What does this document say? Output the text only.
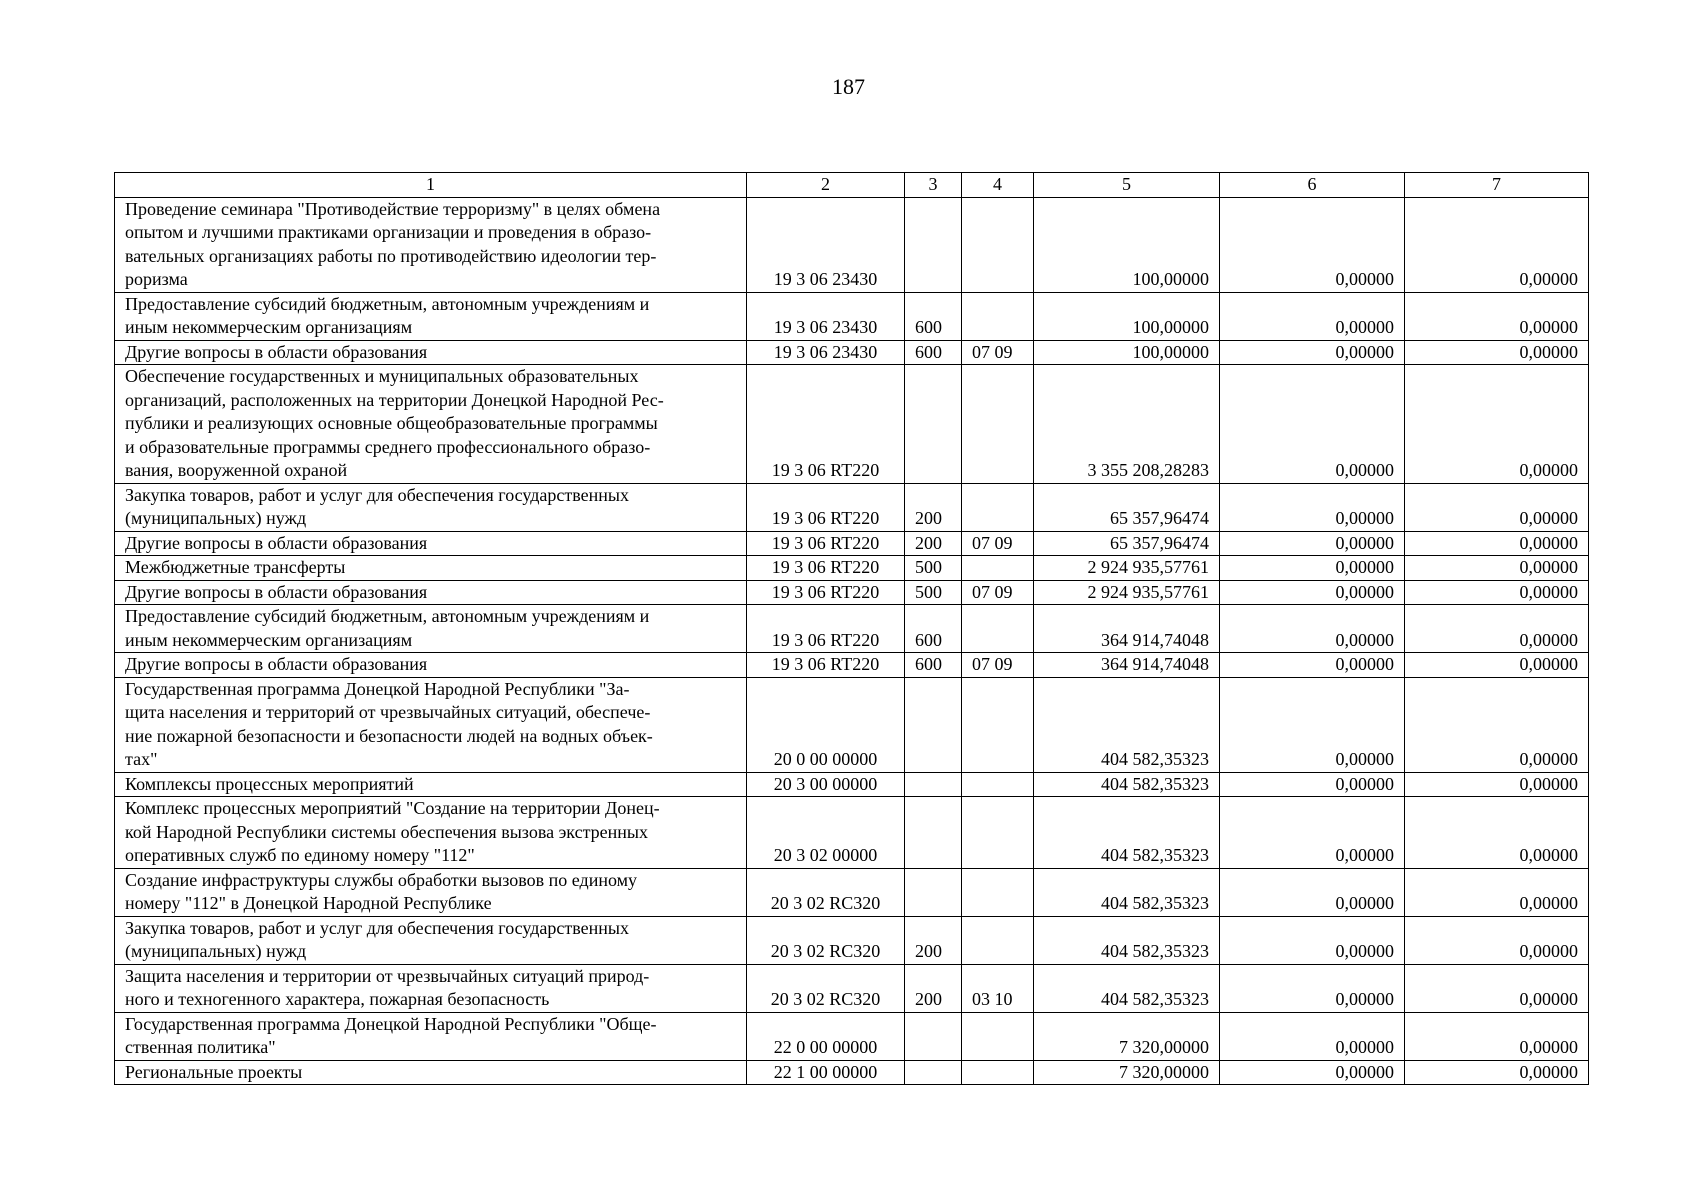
187
1	2	3	4	5	6	7
Проведение семинара "Противодействие терроризму" в целях обмена
опытом и лучшими практиками организации и проведения в образо-
вательных организациях работы по противодействию идеологии тер-
роризма	19 3 06 23430			100,00000	0,00000	0,00000
Предоставление субсидий бюджетным, автономным учреждениям и
иным некоммерческим организациям	19 3 06 23430	600		100,00000	0,00000	0,00000
Другие вопросы в области образования	19 3 06 23430	600	07 09	100,00000	0,00000	0,00000
Обеспечение государственных и муниципальных образовательных
организаций, расположенных на территории Донецкой Народной Рес-
публики и реализующих основные общеобразовательные программы
и образовательные программы среднего профессионального образо-
вания, вооруженной охраной	19 3 06 RT220			3 355 208,28283	0,00000	0,00000
Закупка товаров, работ и услуг для обеспечения государственных
(муниципальных) нужд	19 3 06 RT220	200		65 357,96474	0,00000	0,00000
Другие вопросы в области образования	19 3 06 RT220	200	07 09	65 357,96474	0,00000	0,00000
Межбюджетные трансферты	19 3 06 RT220	500		2 924 935,57761	0,00000	0,00000
Другие вопросы в области образования	19 3 06 RT220	500	07 09	2 924 935,57761	0,00000	0,00000
Предоставление субсидий бюджетным, автономным учреждениям и
иным некоммерческим организациям	19 3 06 RT220	600		364 914,74048	0,00000	0,00000
Другие вопросы в области образования	19 3 06 RT220	600	07 09	364 914,74048	0,00000	0,00000
Государственная программа Донецкой Народной Республики "За-
щита населения и территорий от чрезвычайных ситуаций, обеспече-
ние пожарной безопасности и безопасности людей на водных объек-
тах"	20 0 00 00000			404 582,35323	0,00000	0,00000
Комплексы процессных мероприятий	20 3 00 00000			404 582,35323	0,00000	0,00000
Комплекс процессных мероприятий "Создание на территории Донец-
кой Народной Республики системы обеспечения вызова экстренных
оперативных служб по единому номеру "112"	20 3 02 00000			404 582,35323	0,00000	0,00000
Создание инфраструктуры службы обработки вызовов по единому
номеру "112" в Донецкой Народной Республике	20 3 02 RC320			404 582,35323	0,00000	0,00000
Закупка товаров, работ и услуг для обеспечения государственных
(муниципальных) нужд	20 3 02 RC320	200		404 582,35323	0,00000	0,00000
Защита населения и территории от чрезвычайных ситуаций природ-
ного и техногенного характера, пожарная безопасность	20 3 02 RC320	200	03 10	404 582,35323	0,00000	0,00000
Государственная программа Донецкой Народной Республики "Обще-
ственная политика"	22 0 00 00000			7 320,00000	0,00000	0,00000
Региональные проекты	22 1 00 00000			7 320,00000	0,00000	0,00000
